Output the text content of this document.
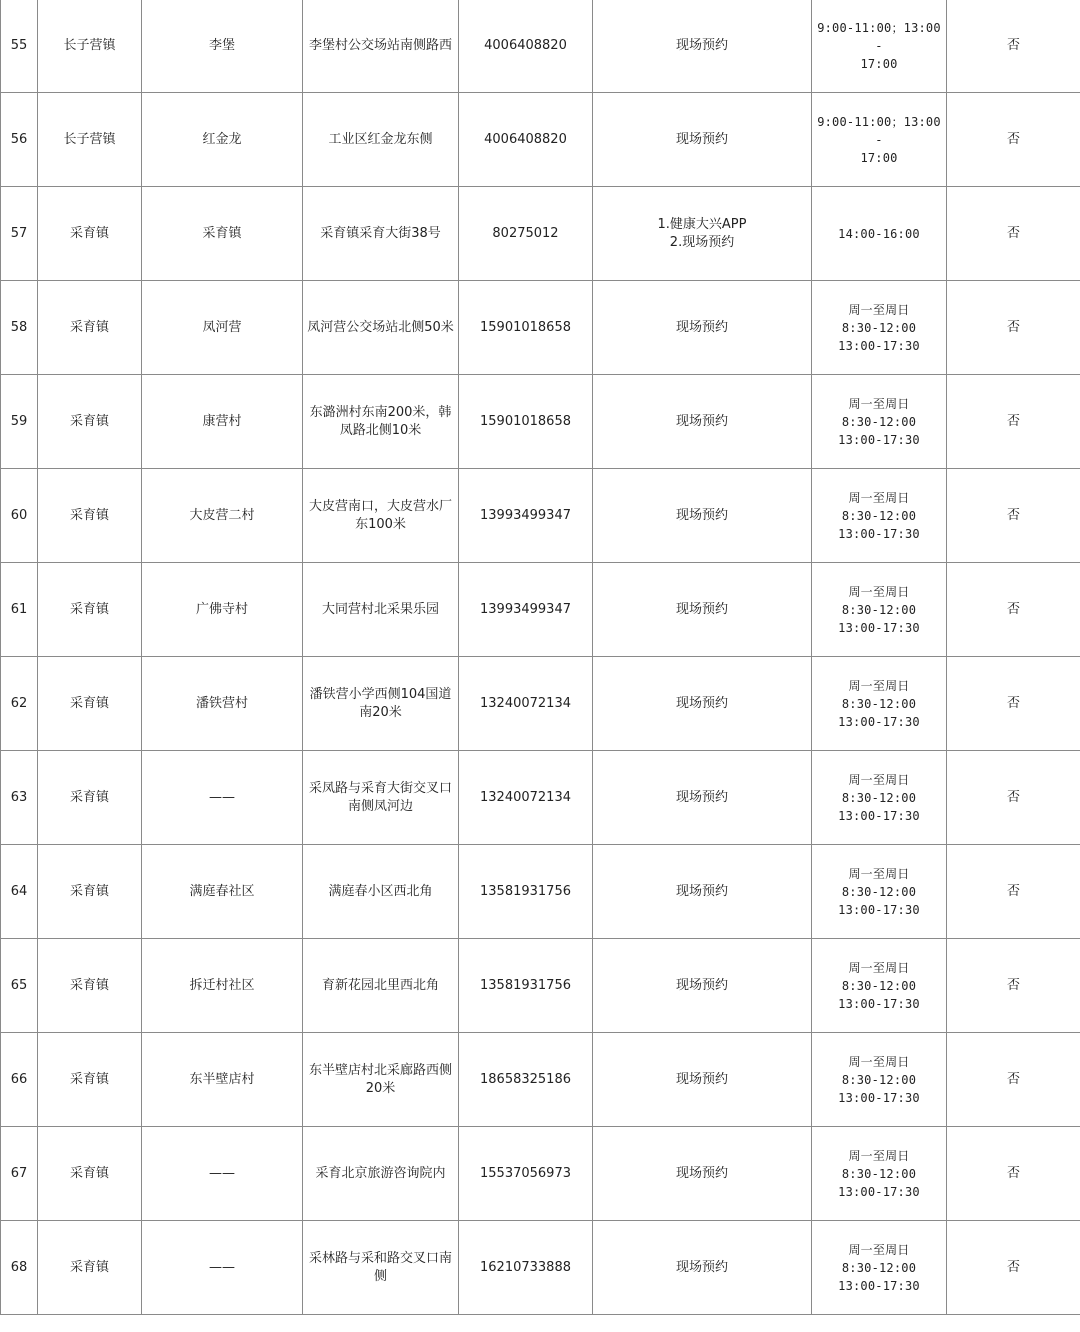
55	长子营镇	李堡	李堡村公交场站南侧路西	4006408820	现场预约	9:00-11:00；13:00-
17:00	否
56	长子营镇	红金龙	工业区红金龙东侧	4006408820	现场预约	9:00-11:00；13:00-
17:00	否
57	采育镇	采育镇	采育镇采育大街38号	80275012	1.健康大兴APP
2.现场预约	14:00-16:00	否
58	采育镇	凤河营	凤河营公交场站北侧50米	15901018658	现场预约	周一至周日
8:30-12:00
13:00-17:30	否
59	采育镇	康营村	东潞洲村东南200米，韩凤路北侧10米	15901018658	现场预约	周一至周日
8:30-12:00
13:00-17:30	否
60	采育镇	大皮营二村	大皮营南口，大皮营水厂东100米	13993499347	现场预约	周一至周日
8:30-12:00
13:00-17:30	否
61	采育镇	广佛寺村	大同营村北采果乐园	13993499347	现场预约	周一至周日
8:30-12:00
13:00-17:30	否
62	采育镇	潘铁营村	潘铁营小学西侧104国道南20米	13240072134	现场预约	周一至周日
8:30-12:00
13:00-17:30	否
63	采育镇	——	采凤路与采育大街交叉口南侧凤河边	13240072134	现场预约	周一至周日
8:30-12:00
13:00-17:30	否
64	采育镇	满庭春社区	满庭春小区西北角	13581931756	现场预约	周一至周日
8:30-12:00
13:00-17:30	否
65	采育镇	拆迁村社区	育新花园北里西北角	13581931756	现场预约	周一至周日
8:30-12:00
13:00-17:30	否
66	采育镇	东半壁店村	东半壁店村北采廊路西侧20米	18658325186	现场预约	周一至周日
8:30-12:00
13:00-17:30	否
67	采育镇	——	采育北京旅游咨询院内	15537056973	现场预约	周一至周日
8:30-12:00
13:00-17:30	否
68	采育镇	——	采林路与采和路交叉口南侧	16210733888	现场预约	周一至周日
8:30-12:00
13:00-17:30	否
